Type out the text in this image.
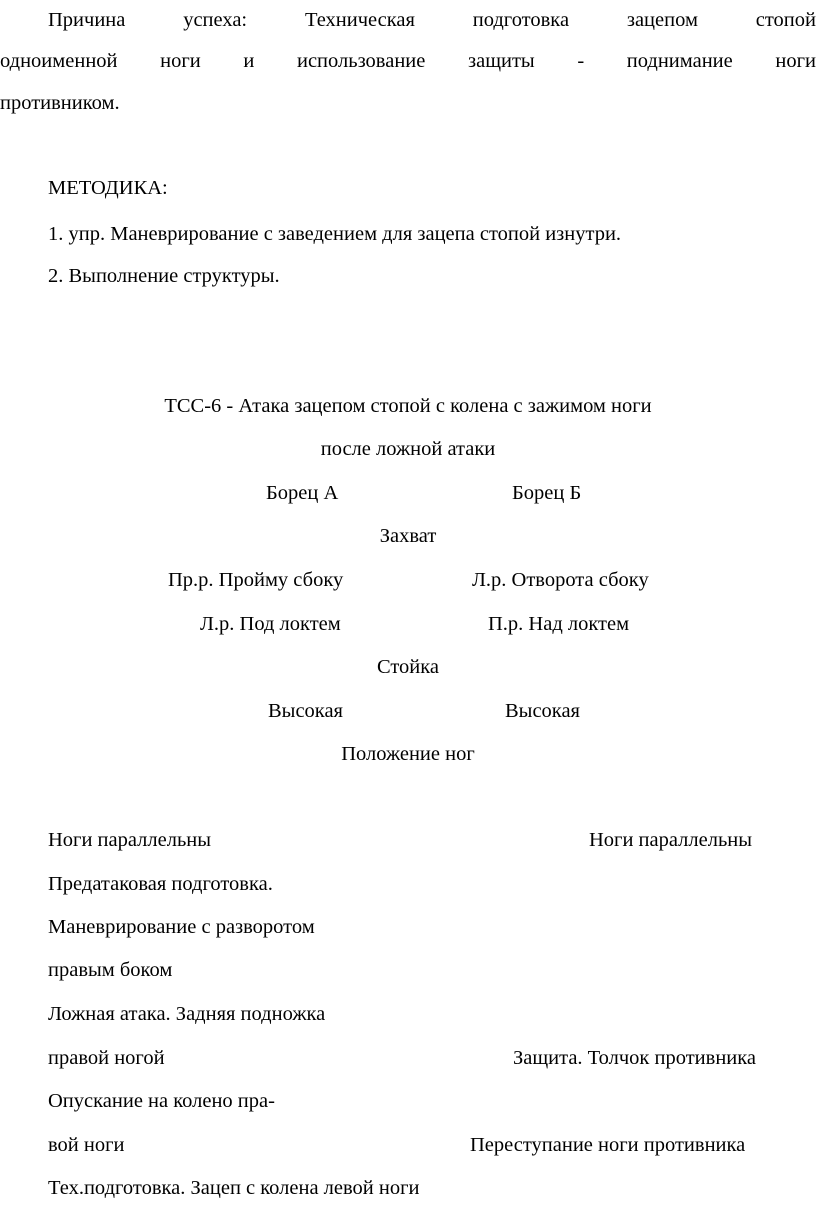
Причина	успеха:	Техническая	подготовка	зацепом	стопой
одноименной ноги и использование защиты - поднимание ноги
противником.
МЕТОДИКА:
1. упр. Маневрирование с заведением для зацепа стопой изнутри.
2. Выполнение структуры.
ТСС-6 - Атака зацепом стопой с колена с зажимом ноги
после ложной атаки
Борец А	Борец Б
Захват
Пр.р. Пройму сбоку	Л.р. Отворота сбоку
Л.р. Под локтем	П.р. Над локтем
Стойка
Высокая	Высокая
Положение ног
Ноги параллельны	Ноги параллельны
Предатаковая подготовка.
Маневрирование с разворотом
правым боком
Ложная атака. Задняя подножка
правой ногой	Защита. Толчок противника
Опускание на колено пра-
вой ноги	Переступание ноги противника
Тех.подготовка. Зацеп с колена левой ноги
